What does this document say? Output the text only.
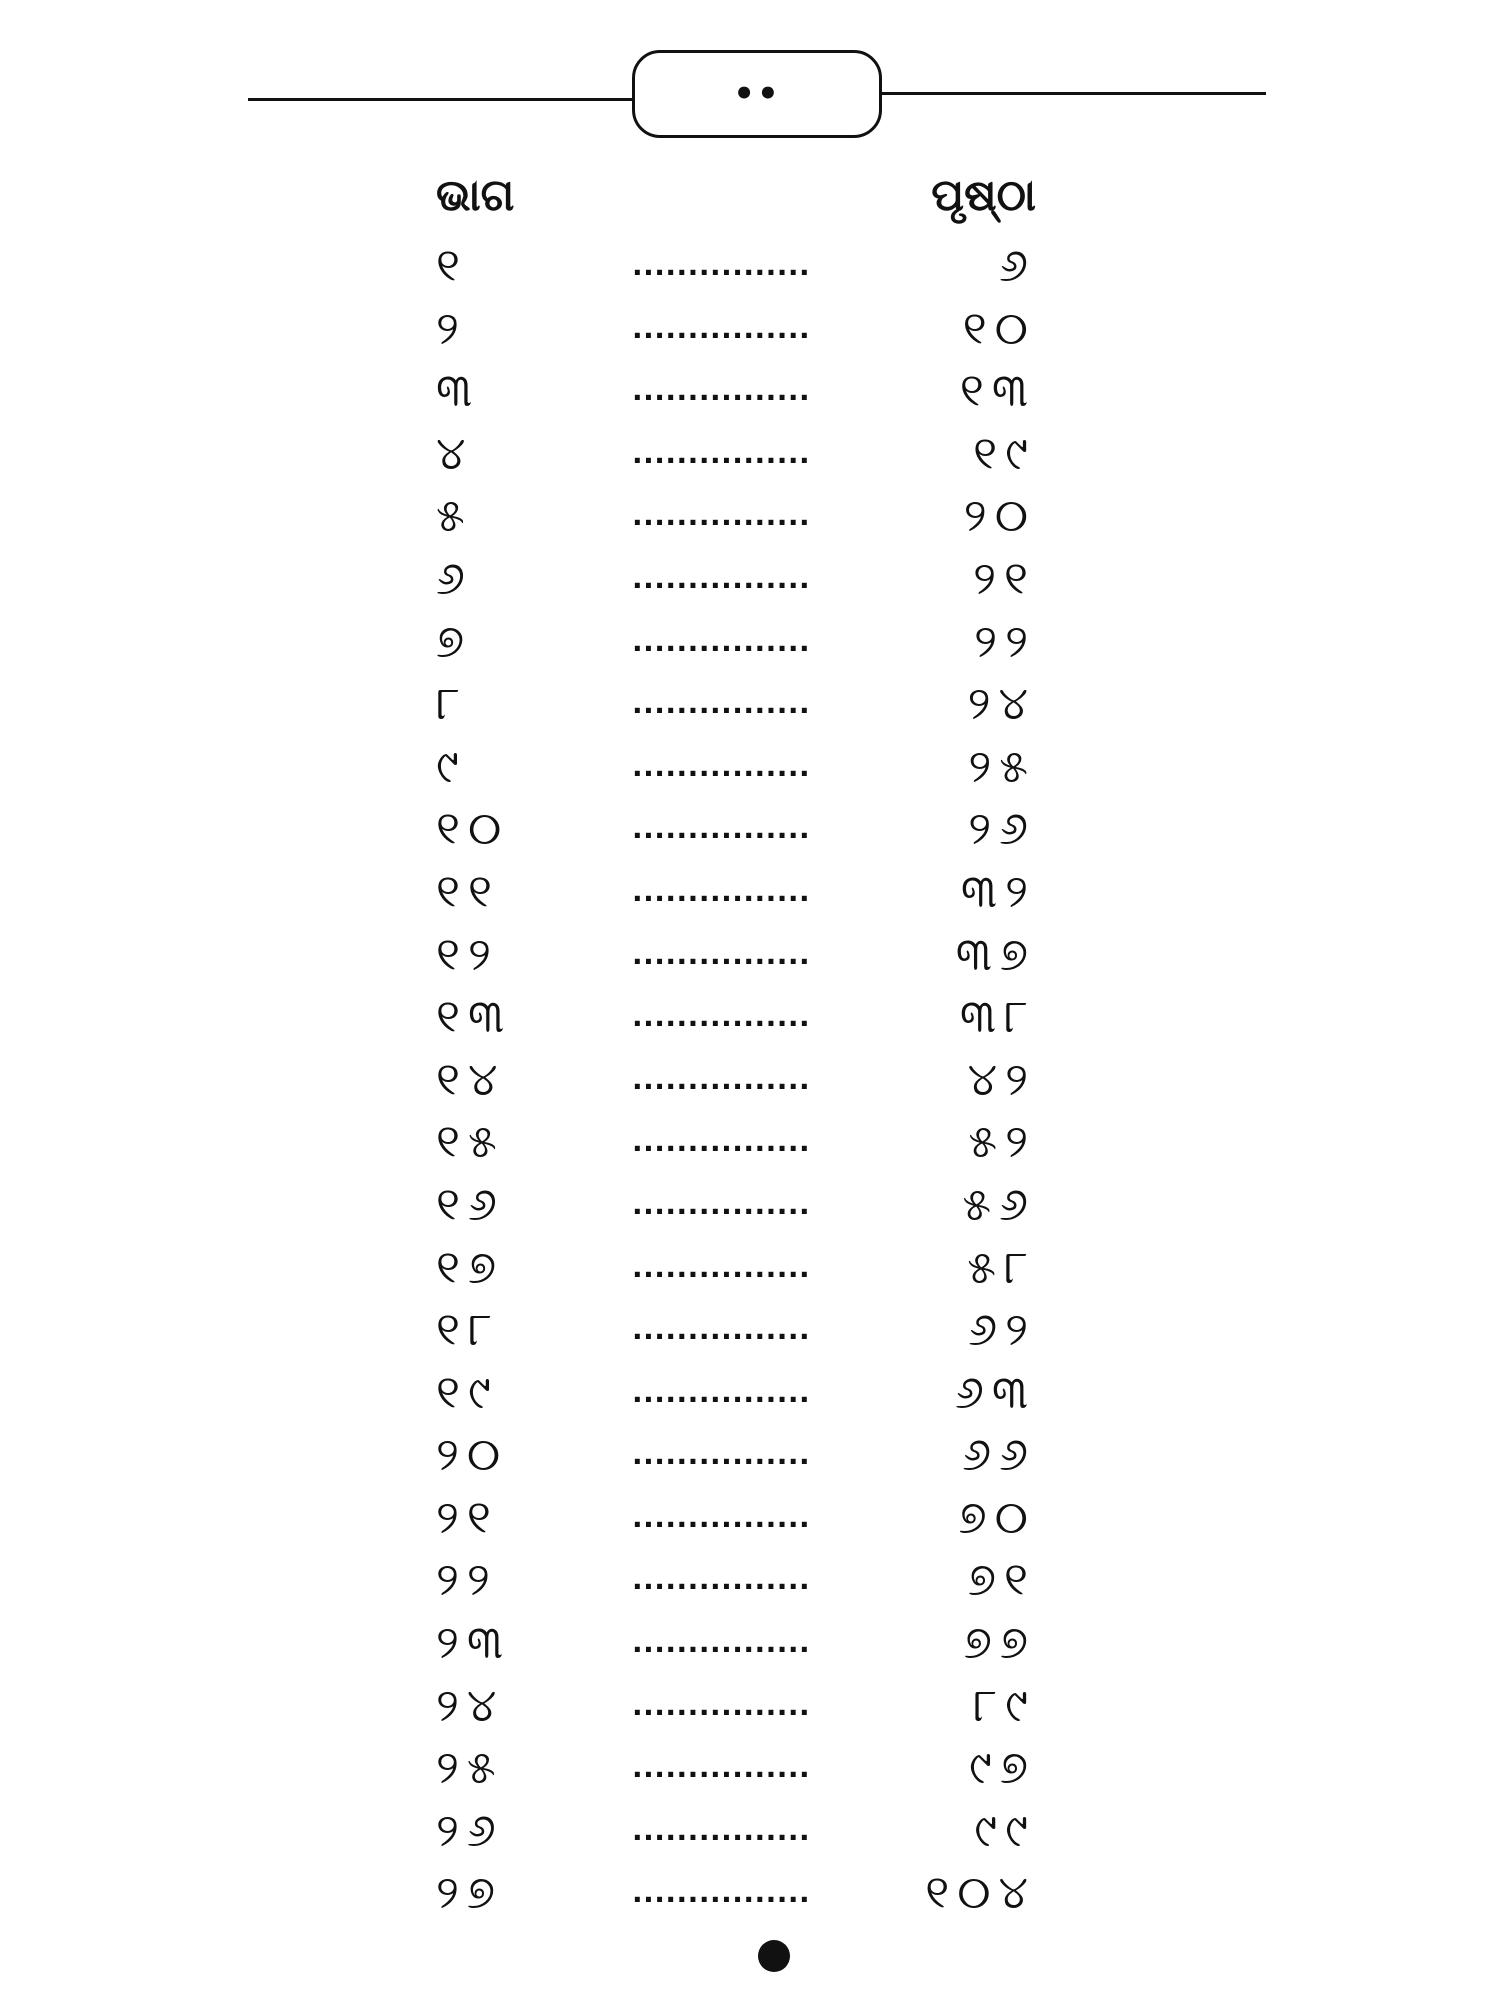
••
ଭାଗ	ପୃଷ୍ଠା
୧	................	୬
୨	................	୧୦
୩	................	୧୩
୪	................	୧୯
୫	................	୨୦
୬	................	୨୧
୭	................	୨୨
୮	................	୨୪
୯	................	୨୫
୧୦	................	୨୬
୧୧	................	୩୨
୧୨	................	୩୭
୧୩	................	୩୮
୧୪	................	୪୨
୧୫	................	୫୨
୧୬	................	୫୬
୧୭	................	୫୮
୧୮	................	୬୨
୧୯	................	୬୩
୨୦	................	୬୬
୨୧	................	୭୦
୨୨	................	୭୧
୨୩	................	୭୭
୨୪	................	୮୯
୨୫	................	୯୭
୨୬	................	୯୯
୨୭	................	୧୦୪
